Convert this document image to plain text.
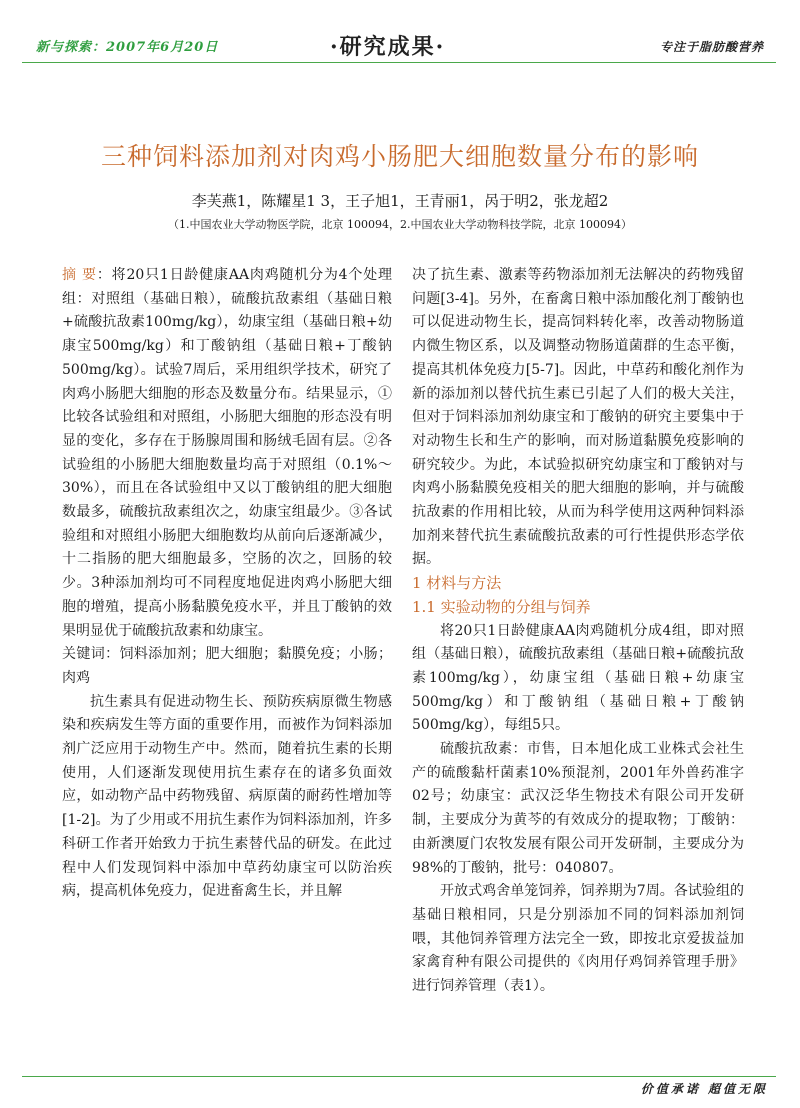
新与探索：2007年6月20日	·研究成果·	专注于脂肪酸营养
三种饲料添加剂对肉鸡小肠肥大细胞数量分布的影响
李芙燕1，陈耀星1 3，王子旭1，王青丽1，呙于明2，张龙超2
（1.中国农业大学动物医学院，北京 100094，2.中国农业大学动物科技学院，北京 100094）

摘 要：将20只1日龄健康AA肉鸡随机分为4个处理组：对照组（基础日粮），硫酸抗敌素组（基础日粮+硫酸抗敌素100mg/kg），幼康宝组（基础日粮+幼康宝500mg/kg）和丁酸钠组（基础日粮+丁酸钠500mg/kg）。试验7周后，采用组织学技术，研究了肉鸡小肠肥大细胞的形态及数量分布。结果显示，①比较各试验组和对照组，小肠肥大细胞的形态没有明显的变化，多存在于肠腺周围和肠绒毛固有层。②各试验组的小肠肥大细胞数量均高于对照组（0.1%～30%），而且在各试验组中又以丁酸钠组的肥大细胞数最多，硫酸抗敌素组次之，幼康宝组最少。③各试验组和对照组小肠肥大细胞数均从前向后逐渐减少，十二指肠的肥大细胞最多，空肠的次之，回肠的较少。3种添加剂均可不同程度地促进肉鸡小肠肥大细胞的增殖，提高小肠黏膜免疫水平，并且丁酸钠的效果明显优于硫酸抗敌素和幼康宝。

关键词：饲料添加剂；肥大细胞；黏膜免疫；小肠；肉鸡

抗生素具有促进动物生长、预防疾病原微生物感染和疾病发生等方面的重要作用，而被作为饲料添加剂广泛应用于动物生产中。然而，随着抗生素的长期使用，人们逐渐发现使用抗生素存在的诸多负面效应，如动物产品中药物残留、病原菌的耐药性增加等[1-2]。为了少用或不用抗生素作为饲料添加剂，许多科研工作者开始致力于抗生素替代品的研发。在此过程中人们发现饲料中添加中草药幼康宝可以防治疾病，提高机体免疫力，促进畜禽生长，并且解

决了抗生素、激素等药物添加剂无法解决的药物残留问题[3-4]。另外，在畜禽日粮中添加酸化剂丁酸钠也可以促进动物生长，提高饲料转化率，改善动物肠道内微生物区系，以及调整动物肠道菌群的生态平衡，提高其机体免疫力[5-7]。因此，中草药和酸化剂作为新的添加剂以替代抗生素已引起了人们的极大关注，但对于饲料添加剂幼康宝和丁酸钠的研究主要集中于对动物生长和生产的影响，而对肠道黏膜免疫影响的研究较少。为此，本试验拟研究幼康宝和丁酸钠对与肉鸡小肠黏膜免疫相关的肥大细胞的影响，并与硫酸抗敌素的作用相比较，从而为科学使用这两种饲料添加剂来替代抗生素硫酸抗敌素的可行性提供形态学依据。

1 材料与方法

1.1 实验动物的分组与饲养

将20只1日龄健康AA肉鸡随机分成4组，即对照组（基础日粮），硫酸抗敌素组（基础日粮+硫酸抗敌素100mg/kg），幼康宝组（基础日粮+幼康宝500mg/kg）和丁酸钠组（基础日粮+丁酸钠500mg/kg），每组5只。

硫酸抗敌素：市售，日本旭化成工业株式会社生产的硫酸黏杆菌素10%预混剂，2001年外兽药准字02号；幼康宝：武汉泛华生物技术有限公司开发研制，主要成分为黄芩的有效成分的提取物；丁酸钠：由新澳厦门农牧发展有限公司开发研制，主要成分为98%的丁酸钠，批号：040807。

开放式鸡舍单笼饲养，饲养期为7周。各试验组的基础日粮相同，只是分别添加不同的饲料添加剂饲喂，其他饲养管理方法完全一致，即按北京爱拔益加家禽育种有限公司提供的《肉用仔鸡饲养管理手册》进行饲养管理（表1）。

价值承诺 超值无限
